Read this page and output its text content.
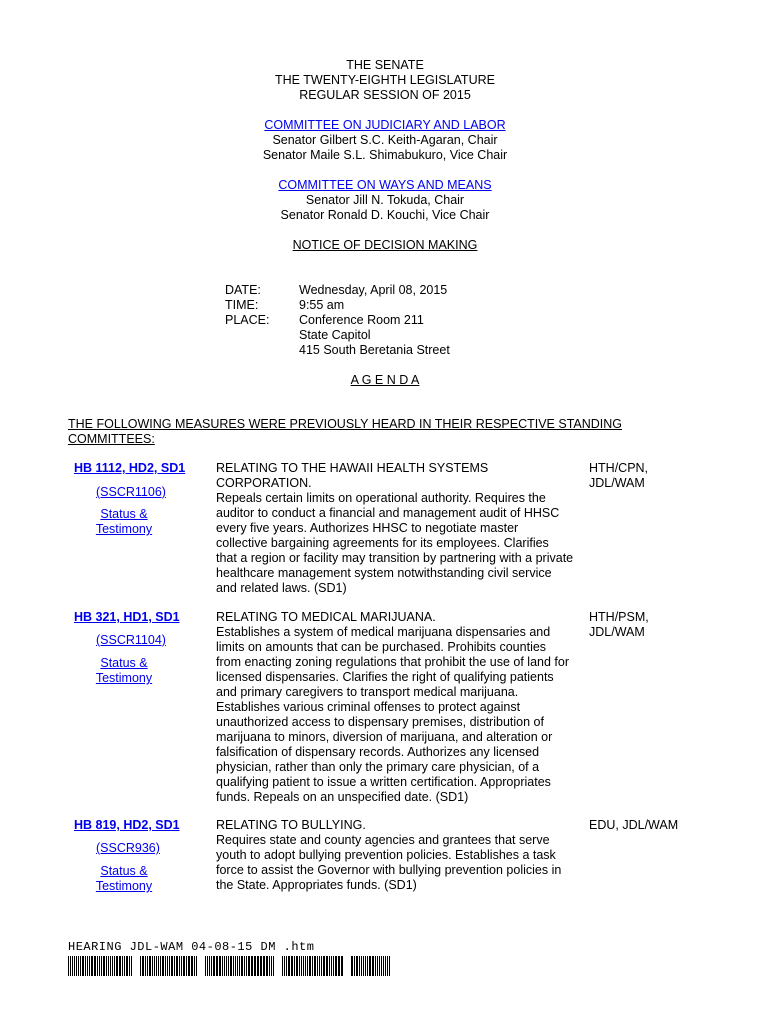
THE SENATE
THE TWENTY-EIGHTH LEGISLATURE
REGULAR SESSION OF 2015
COMMITTEE ON JUDICIARY AND LABOR
Senator Gilbert S.C. Keith-Agaran, Chair
Senator Maile S.L. Shimabukuro, Vice Chair
COMMITTEE ON WAYS AND MEANS
Senator Jill N. Tokuda, Chair
Senator Ronald D. Kouchi, Vice Chair
NOTICE OF DECISION MAKING
DATE:	Wednesday, April 08, 2015
TIME:	9:55 am
PLACE: Conference Room 211
State Capitol
415 South Beretania Street
A G E N D A
THE FOLLOWING MEASURES WERE PREVIOUSLY HEARD IN THEIR RESPECTIVE STANDING
COMMITTEES:
HB 1112, HD2, SD1
(SSCR1106)
Status &
Testimony
RELATING TO THE HAWAII HEALTH SYSTEMS
CORPORATION.
Repeals certain limits on operational authority. Requires the
auditor to conduct a financial and management audit of HHSC
every five years. Authorizes HHSC to negotiate master
collective bargaining agreements for its employees. Clarifies
that a region or facility may transition by partnering with a private
healthcare management system notwithstanding civil service
and related laws. (SD1)
HTH/CPN,
JDL/WAM
HB 321, HD1, SD1
(SSCR1104)
Status &
Testimony
RELATING TO MEDICAL MARIJUANA.
Establishes a system of medical marijuana dispensaries and
limits on amounts that can be purchased. Prohibits counties
from enacting zoning regulations that prohibit the use of land for
licensed dispensaries. Clarifies the right of qualifying patients
and primary caregivers to transport medical marijuana.
Establishes various criminal offenses to protect against
unauthorized access to dispensary premises, distribution of
marijuana to minors, diversion of marijuana, and alteration or
falsification of dispensary records. Authorizes any licensed
physician, rather than only the primary care physician, of a
qualifying patient to issue a written certification. Appropriates
funds. Repeals on an unspecified date. (SD1)
HTH/PSM,
JDL/WAM
HB 819, HD2, SD1
(SSCR936)
Status &
Testimony
RELATING TO BULLYING.
Requires state and county agencies and grantees that serve
youth to adopt bullying prevention policies. Establishes a task
force to assist the Governor with bullying prevention policies in
the State. Appropriates funds. (SD1)
EDU, JDL/WAM
HEARING JDL-WAM 04-08-15 DM .htm
